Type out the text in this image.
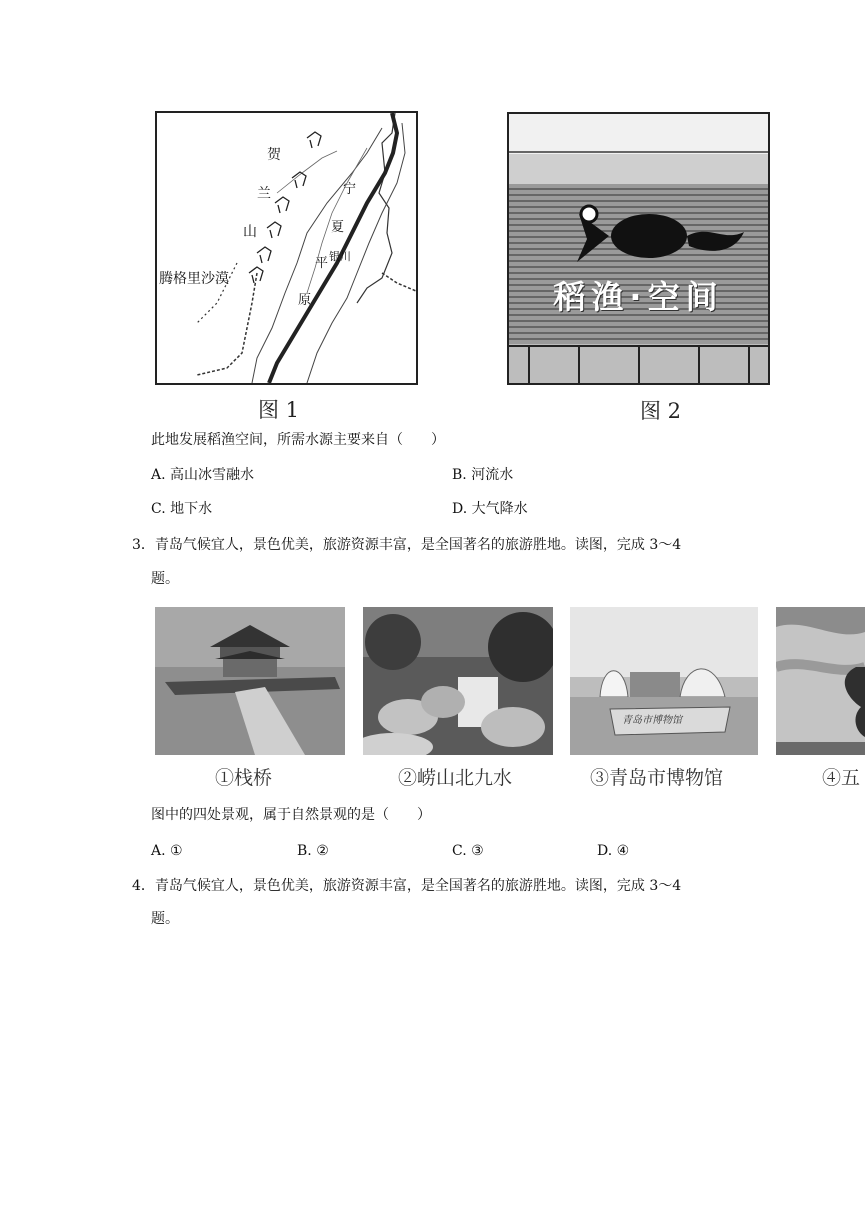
贺
兰
山
宁
夏
平
原
银川
腾格里沙漠
图 1
稻渔·空间
图 2
此地发展稻渔空间，所需水源主要来自（　　）
A. 高山冰雪融水	B. 河流水
C. 地下水	D. 大气降水
3．青岛气候宜人，景色优美，旅游资源丰富，是全国著名的旅游胜地。读图，完成 3～4
题。
①栈桥	②崂山北九水
青岛市博物馆
③青岛市博物馆	④五
图中的四处景观，属于自然景观的是（　　）
A. ①	B. ②	C. ③	D. ④
4．青岛气候宜人，景色优美，旅游资源丰富，是全国著名的旅游胜地。读图，完成 3～4
题。
